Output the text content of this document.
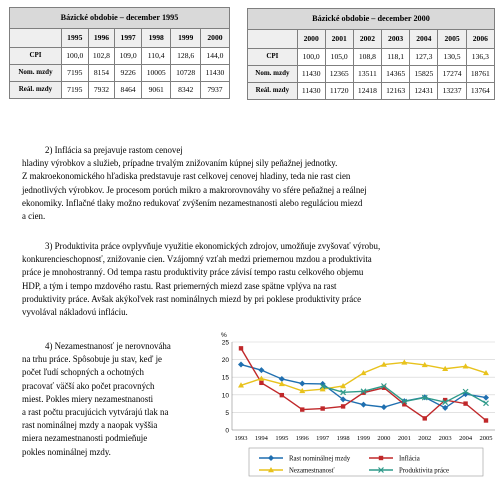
Bázické obdobie – december 1995						
	1995	1996	1997	1998	1999	2000
CPI	100,0	102,8	109,0	110,4	128,6	144,0
Nom. mzdy	7195	8154	9226	10005	10728	11430
Reál. mzdy	7195	7932	8464	9061	8342	7937
Bázické obdobie – december 2000							
	2000	2001	2002	2003	2004	2005	2006
CPI	100,0	105,0	108,8	118,1	127,3	130,5	136,3
Nom. mzdy	11430	12365	13511	14365	15825	17274	18761
Reál. mzdy	11430	11720	12418	12163	12431	13237	13764
2) Inflácia sa prejavuje rastom cenovej
hladiny výrobkov a služieb, prípadne trvalým znižovaním kúpnej sily peňažnej jednotky.
Z makroekonomického hľadiska predstavuje rast celkovej cenovej hladiny, teda nie rast cien
jednotlivých výrobkov. Je procesom porúch mikro a makrorovnováhy vo sfére peňažnej a reálnej
ekonomiky. Inflačné tlaky možno redukovať zvýšením nezamestnanosti alebo reguláciou miezd
a cien.
3) Produktivita práce ovplyvňuje využitie ekonomických zdrojov, umožňuje zvyšovať výrobu,
konkurencieschopnosť, znižovanie cien. Vzájomný vzťah medzi priemernou mzdou a produktivita
práce je mnohostranný. Od tempa rastu produktivity práce závisí tempo rastu celkového objemu
HDP, a tým i tempo mzdového rastu. Rast priemerných miezd zase spätne vplýva na rast
produktivity práce. Avšak akýkoľvek rast nominálnych miezd by pri poklese produktivity práce
vyvolával nákladovú infláciu.
4) Nezamestnanosť je nerovnováha
na trhu práce. Spôsobuje ju stav, keď je
počet ľudí schopných a ochotných
pracovať väčší ako počet pracovných
miest. Pokles miery nezamestnanosti
a rast počtu pracujúcich vytvárajú tlak na
rast nominálnej mzdy a naopak vyššia
miera nezamestnanosti podmieňuje
pokles nominálnej mzdy.
0
5
10
15
20
25
%
1993 1994 1995 1996 1997 1998 1999 2000 2001 2002 2003 2004 2005
Rast nominálnej mzdy	Inflácia
Nezamestnanosť	Produktivita práce
